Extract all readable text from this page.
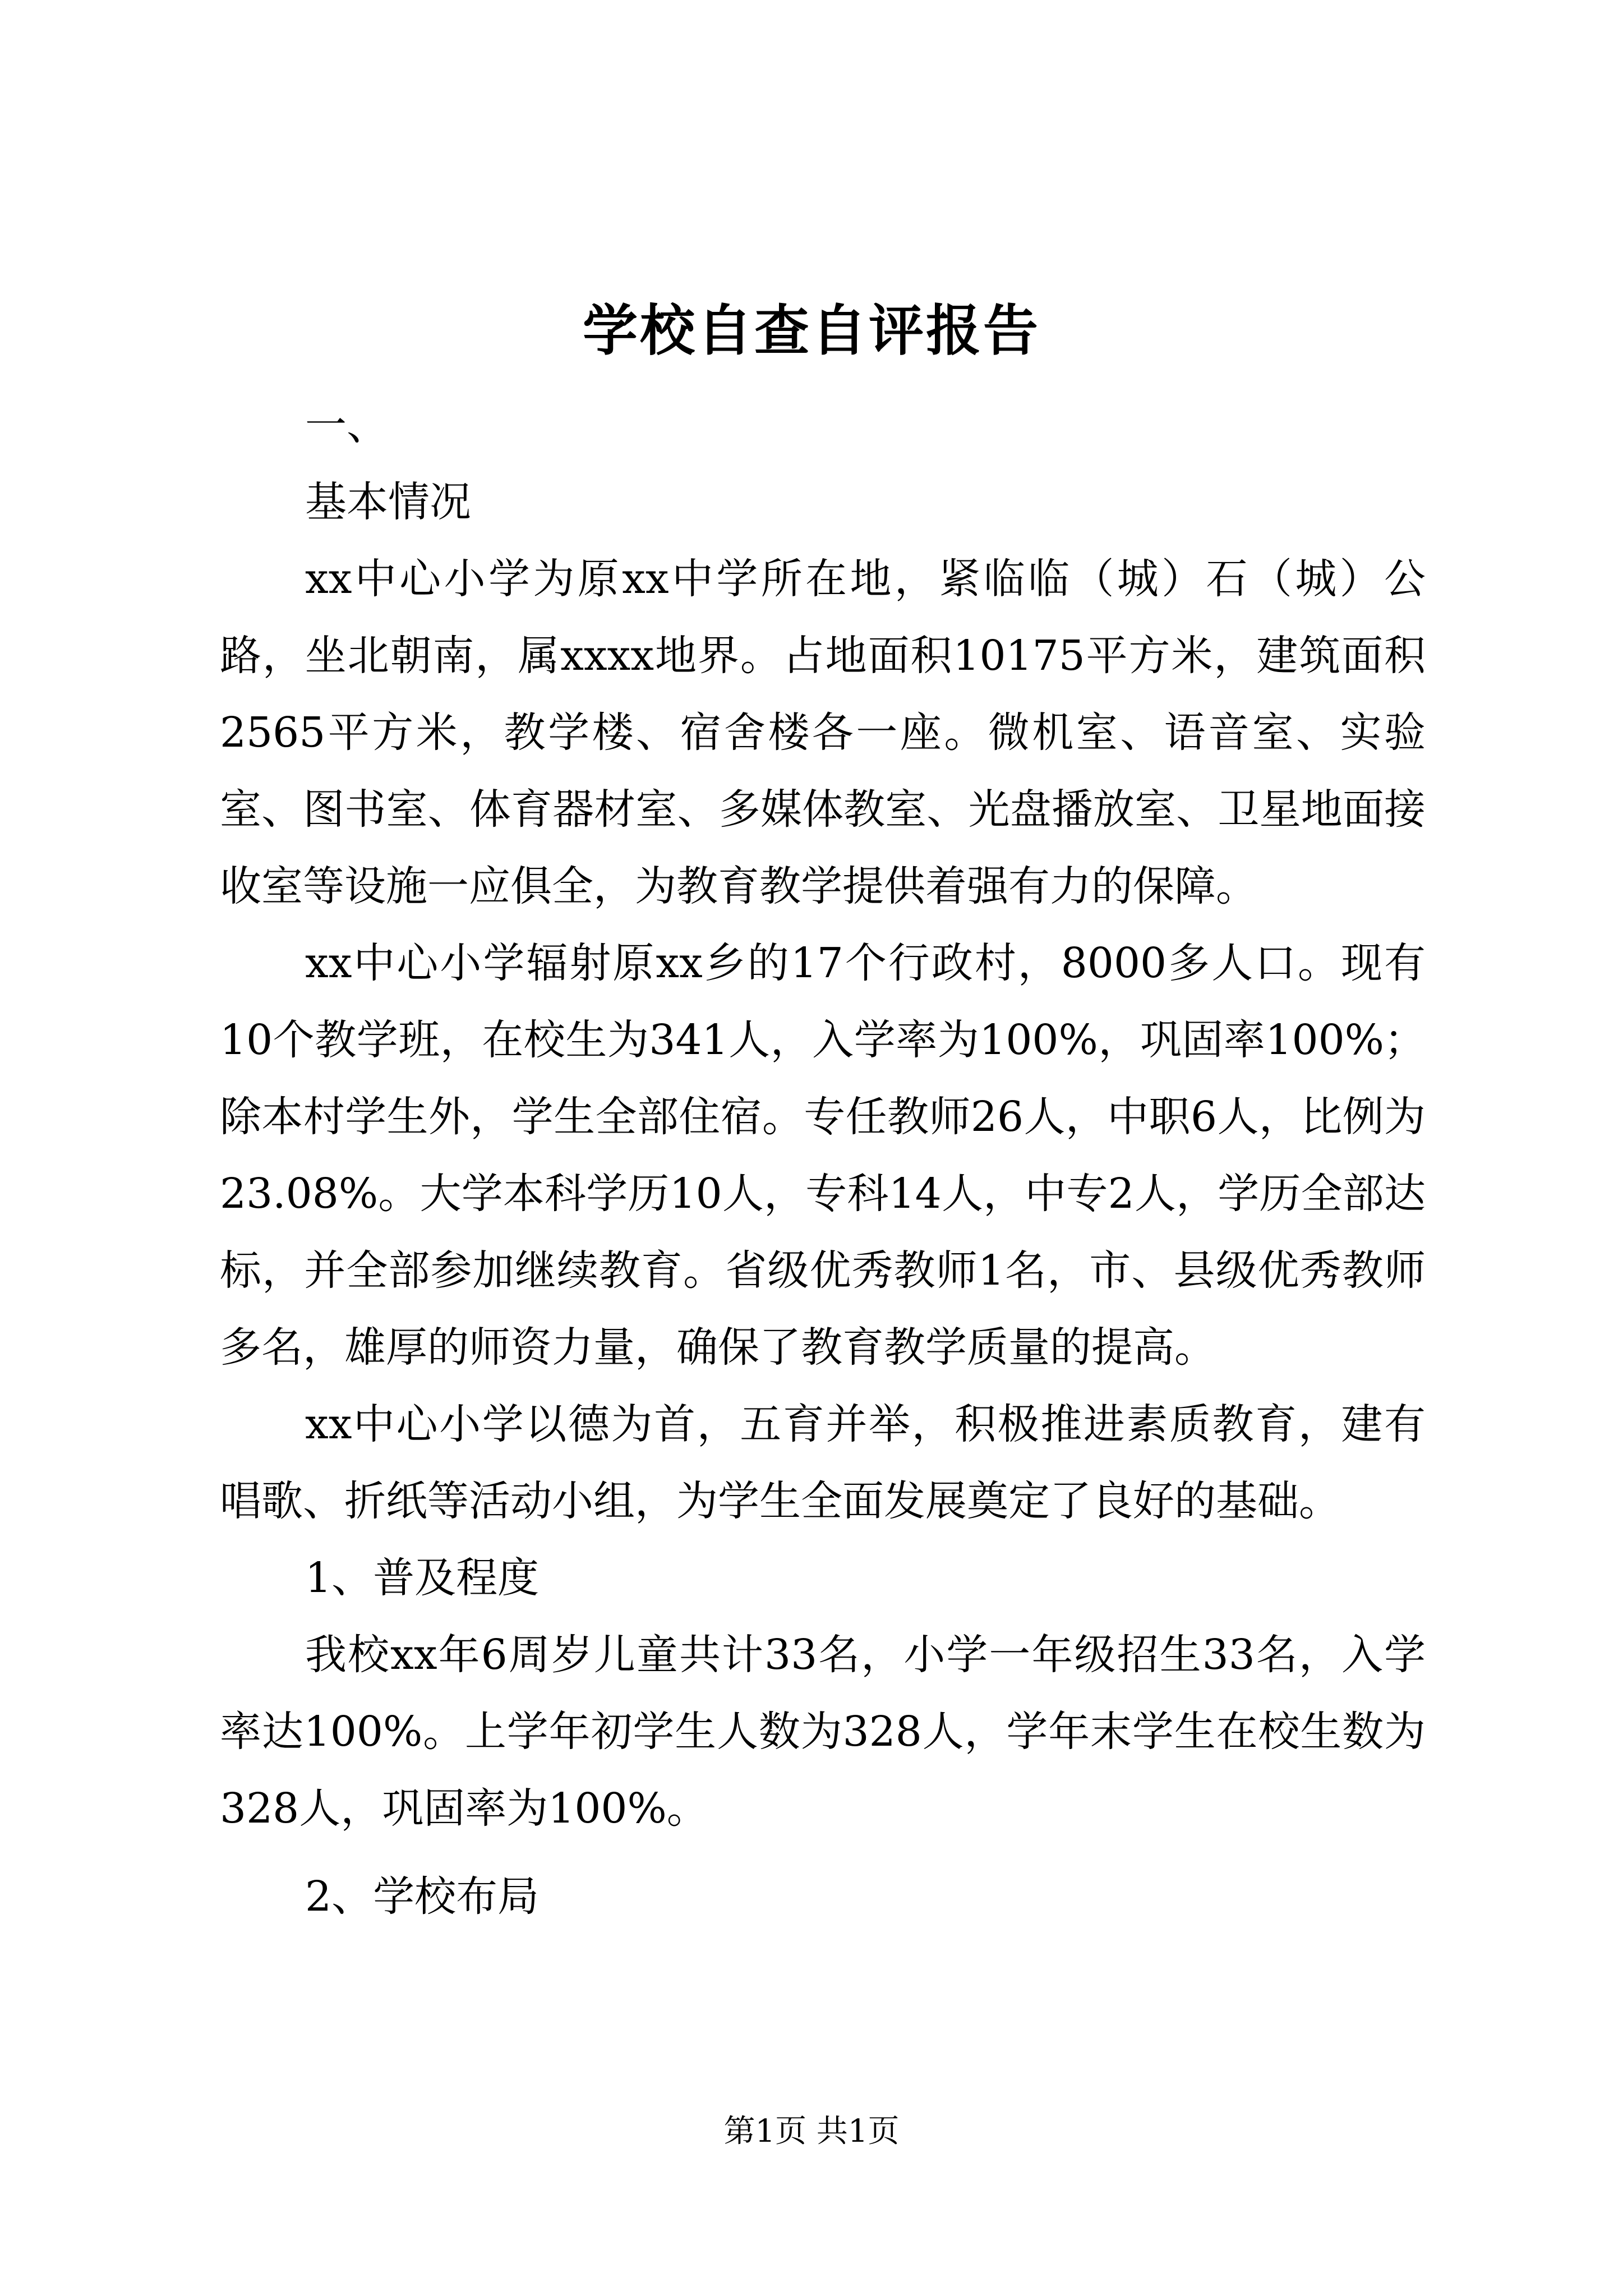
学校自查自评报告

一、

基本情况

xx中心小学为原xx中学所在地，紧临临（城）石（城）公路，坐北朝南，属xxxx地界。占地面积10175平方米，建筑面积2565平方米，教学楼、宿舍楼各一座。微机室、语音室、实验室、图书室、体育器材室、多媒体教室、光盘播放室、卫星地面接收室等设施一应俱全，为教育教学提供着强有力的保障。

xx中心小学辐射原xx乡的17个行政村，8000多人口。现有10个教学班，在校生为341人，入学率为100%，巩固率100%；除本村学生外，学生全部住宿。专任教师26人，中职6人，比例为23.08%。大学本科学历10人，专科14人，中专2人，学历全部达标，并全部参加继续教育。省级优秀教师1名，市、县级优秀教师多名，雄厚的师资力量，确保了教育教学质量的提高。

xx中心小学以德为首，五育并举，积极推进素质教育，建有唱歌、折纸等活动小组，为学生全面发展奠定了良好的基础。

1、普及程度

我校xx年6周岁儿童共计33名，小学一年级招生33名，入学率达100%。上学年初学生人数为328人，学年末学生在校生数为328人，巩固率为100%。

2、学校布局

第1页 共1页
